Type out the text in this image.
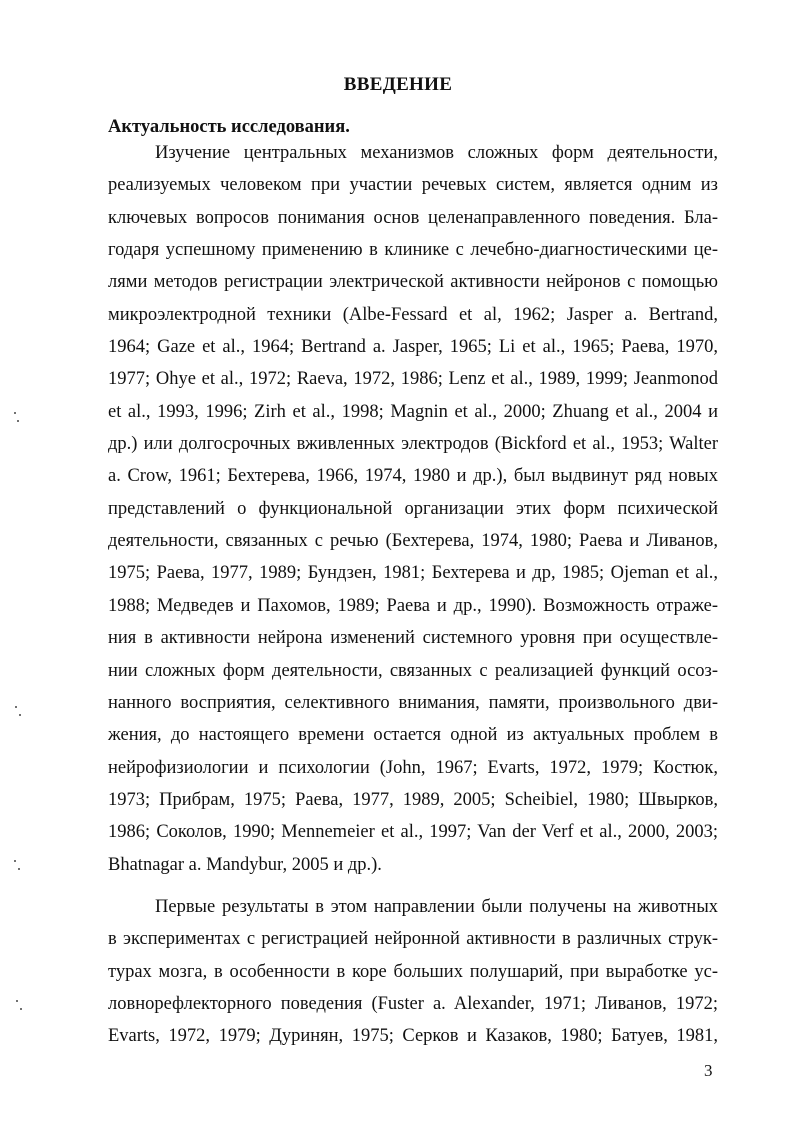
ВВЕДЕНИЕ
Актуальность исследования.
Изучение центральных механизмов сложных форм деятельности,
реализуемых человеком при участии речевых систем, является одним из
ключевых вопросов понимания основ целенаправленного поведения. Бла-
годаря успешному применению в клинике с лечебно-диагностическими це-
лями методов регистрации электрической активности нейронов с помощью
микроэлектродной техники (Albe-Fessard et al, 1962; Jasper a. Bertrand,
1964; Gaze et al., 1964; Bertrand a. Jasper, 1965; Li et al., 1965; Раева, 1970,
1977; Ohye et al., 1972; Raeva, 1972, 1986; Lenz et al., 1989, 1999; Jeanmonod
et al., 1993, 1996; Zirh et al., 1998; Magnin et al., 2000; Zhuang et al., 2004 и
др.) или долгосрочных вживленных электродов (Bickford et al., 1953; Walter
a. Crow, 1961; Бехтерева, 1966, 1974, 1980 и др.), был выдвинут ряд новых
представлений о функциональной организации этих форм психической
деятельности, связанных с речью (Бехтерева, 1974, 1980; Раева и Ливанов,
1975; Раева, 1977, 1989; Бундзен, 1981; Бехтерева и др, 1985; Ojeman et al.,
1988; Медведев и Пахомов, 1989; Раева и др., 1990). Возможность отраже-
ния в активности нейрона изменений системного уровня при осуществле-
нии сложных форм деятельности, связанных с реализацией функций осоз-
нанного восприятия, селективного внимания, памяти, произвольного дви-
жения, до настоящего времени остается одной из актуальных проблем в
нейрофизиологии и психологии (John, 1967; Evarts, 1972, 1979; Костюк,
1973; Прибрам, 1975; Раева, 1977, 1989, 2005; Scheibiel, 1980; Швырков,
1986; Соколов, 1990; Mennemeier et al., 1997; Van der Verf et al., 2000, 2003;
Bhatnagar a. Mandybur, 2005 и др.).
Первые результаты в этом направлении были получены на животных
в экспериментах с регистрацией нейронной активности в различных струк-
турах мозга, в особенности в коре больших полушарий, при выработке ус-
ловнорефлекторного поведения (Fuster a. Alexander, 1971; Ливанов, 1972;
Evarts, 1972, 1979; Дуринян, 1975; Серков и Казаков, 1980; Батуев, 1981,
3
